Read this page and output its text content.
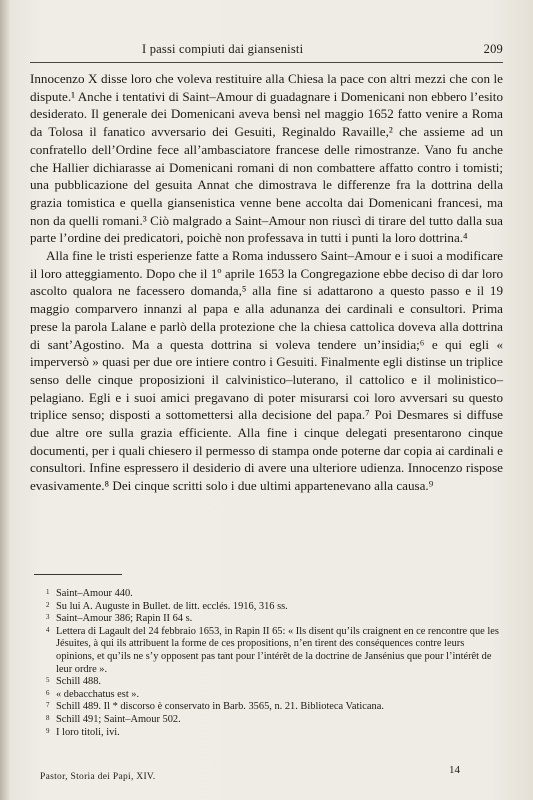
I passi compiuti dai giansenisti	209

Innocenzo X disse loro che voleva restituire alla Chiesa la pace con altri mezzi che con le dispute.¹ Anche i tentativi di Saint–Amour di guadagnare i Domenicani non ebbero l’esito desiderato. Il generale dei Domenicani aveva bensì nel maggio 1652 fatto venire a Roma da Tolosa il fanatico avversario dei Gesuiti, Reginaldo Ravaille,² che assieme ad un confratello dell’Ordine fece all’ambasciatore francese delle rimostranze. Vano fu anche che Hallier dichiarasse ai Domenicani romani di non combattere affatto contro i tomisti; una pubblicazione del gesuita Annat che dimostrava le differenze fra la dottrina della grazia tomistica e quella giansenistica venne bene accolta dai Domenicani francesi, ma non da quelli romani.³ Ciò malgrado a Saint–Amour non riuscì di tirare del tutto dalla sua parte l’ordine dei predicatori, poichè non professava in tutti i punti la loro dottrina.⁴

Alla fine le tristi esperienze fatte a Roma indussero Saint–Amour e i suoi a modificare il loro atteggiamento. Dopo che il 1º aprile 1653 la Congregazione ebbe deciso di dar loro ascolto qualora ne facessero domanda,⁵ alla fine si adattarono a questo passo e il 19 maggio comparvero innanzi al papa e alla adunanza dei cardinali e consultori. Prima prese la parola Lalane e parlò della protezione che la chiesa cattolica doveva alla dottrina di sant’Agostino. Ma a questa dottrina si voleva tendere un’insidia;⁶ e qui egli « imperversò » quasi per due ore intiere contro i Gesuiti. Finalmente egli distinse un triplice senso delle cinque proposizioni il calvinistico–luterano, il cattolico e il molinistico–pelagiano. Egli e i suoi amici pregavano di poter misurarsi coi loro avversari su questo triplice senso; disposti a sottomettersi alla decisione del papa.⁷ Poi Desmares si diffuse due altre ore sulla grazia efficiente. Alla fine i cinque delegati presentarono cinque documenti, per i quali chiesero il permesso di stampa onde poterne dar copia ai cardinali e consultori. Infine espressero il desiderio di avere una ulteriore udienza. Innocenzo rispose evasivamente.⁸ Dei cinque scritti solo i due ultimi appartenevano alla causa.⁹

1 Saint–Amour 440.
2 Su lui A. Auguste in Bullet. de litt. ecclés. 1916, 316 ss.
3 Saint–Amour 386; Rapin II 64 s.
4 Lettera di Lagault del 24 febbraio 1653, in Rapin II 65: « Ils disent qu’ils craignent en ce rencontre que les Jésuites, à qui ils attribuent la forme de ces propositions, n’en tirent des conséquences contre leurs opinions, et qu’ils ne s’y opposent pas tant pour l’intérêt de la doctrine de Jansénius que pour l’intérêt de leur ordre ».
5 Schill 488.
6 « debacchatus est ».
7 Schill 489. Il * discorso è conservato in Barb. 3565, n. 21. Biblioteca Vaticana.
8 Schill 491; Saint–Amour 502.
9 I loro titoli, ivi.
Pastor, Storia dei Papi, XIV.
14
